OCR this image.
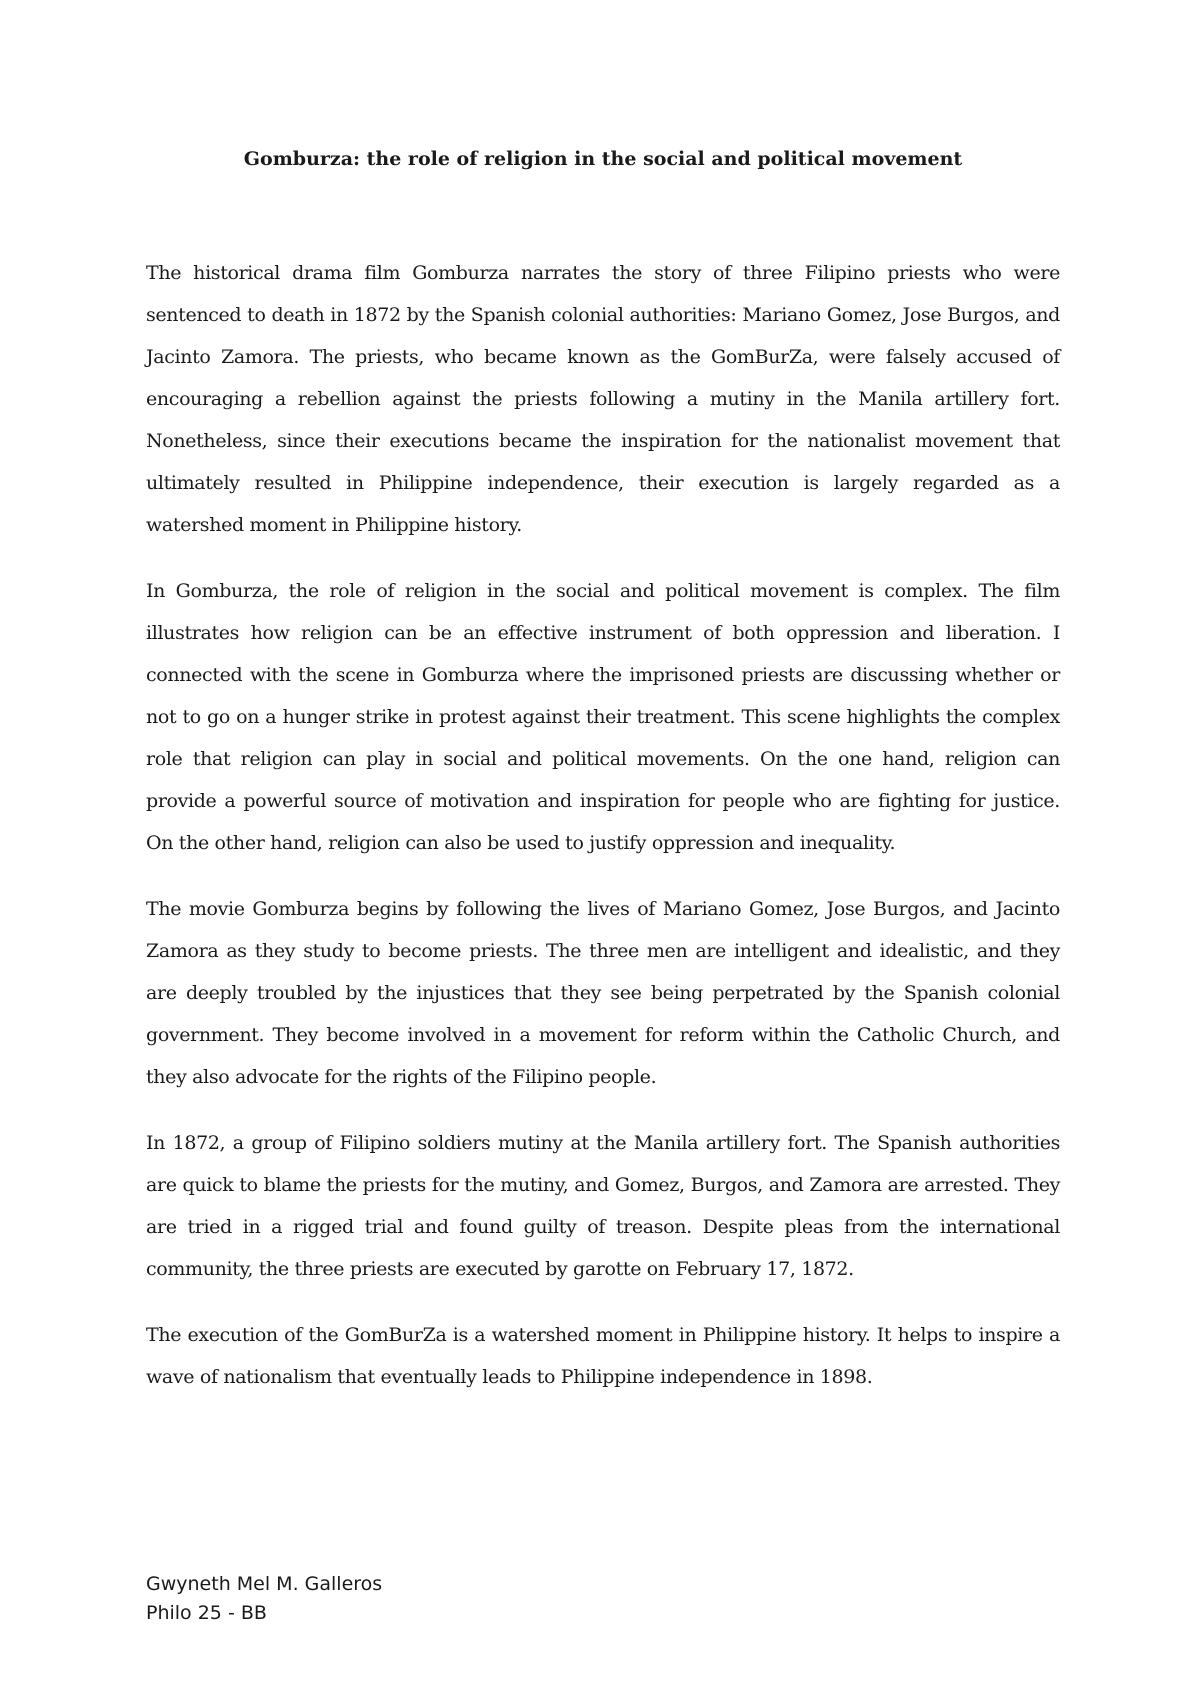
Gomburza: the role of religion in the social and political movement

The historical drama film Gomburza narrates the story of three Filipino priests who were sentenced to death in 1872 by the Spanish colonial authorities: Mariano Gomez, Jose Burgos, and Jacinto Zamora. The priests, who became known as the GomBurZa, were falsely accused of encouraging a rebellion against the priests following a mutiny in the Manila artillery fort. Nonetheless, since their executions became the inspiration for the nationalist movement that ultimately resulted in Philippine independence, their execution is largely regarded as a watershed moment in Philippine history.

In Gomburza, the role of religion in the social and political movement is complex. The film illustrates how religion can be an effective instrument of both oppression and liberation. I connected with the scene in Gomburza where the imprisoned priests are discussing whether or not to go on a hunger strike in protest against their treatment. This scene highlights the complex role that religion can play in social and political movements. On the one hand, religion can provide a powerful source of motivation and inspiration for people who are fighting for justice. On the other hand, religion can also be used to justify oppression and inequality.

The movie Gomburza begins by following the lives of Mariano Gomez, Jose Burgos, and Jacinto Zamora as they study to become priests. The three men are intelligent and idealistic, and they are deeply troubled by the injustices that they see being perpetrated by the Spanish colonial government. They become involved in a movement for reform within the Catholic Church, and they also advocate for the rights of the Filipino people.

In 1872, a group of Filipino soldiers mutiny at the Manila artillery fort. The Spanish authorities are quick to blame the priests for the mutiny, and Gomez, Burgos, and Zamora are arrested. They are tried in a rigged trial and found guilty of treason. Despite pleas from the international community, the three priests are executed by garotte on February 17, 1872.

The execution of the GomBurZa is a watershed moment in Philippine history. It helps to inspire a wave of nationalism that eventually leads to Philippine independence in 1898.

Gwyneth Mel M. Galleros
Philo 25 - BB
